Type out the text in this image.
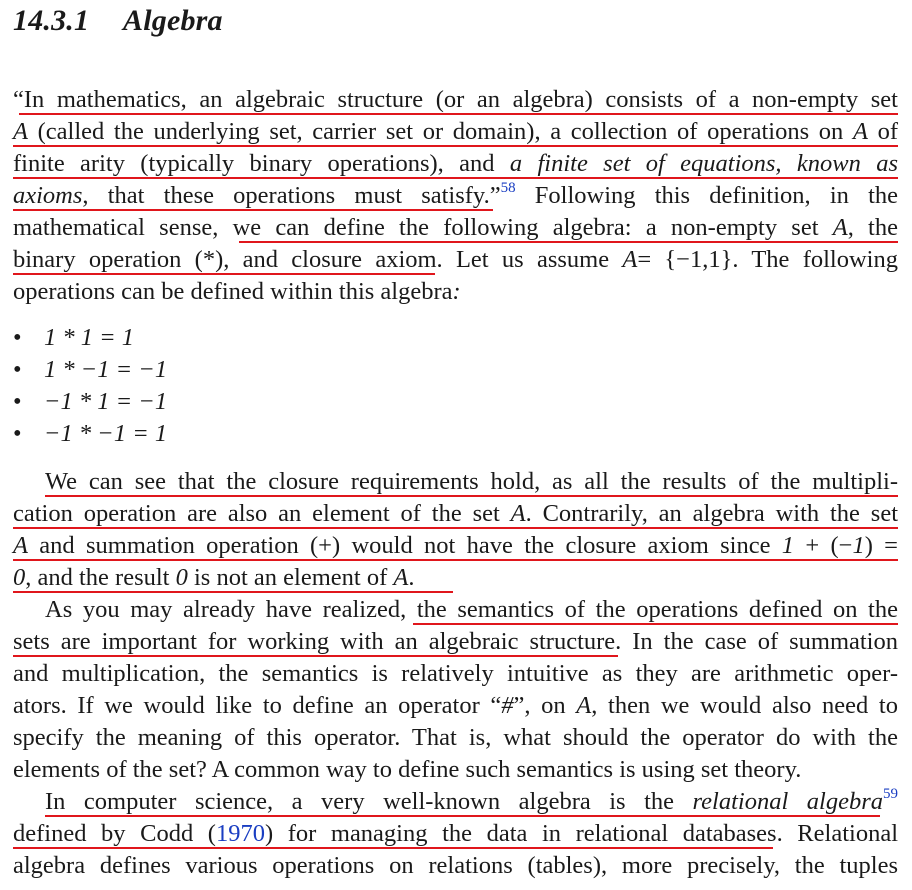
14.3.1 Algebra
“In mathematics, an algebraic structure (or an algebra) consists of a non-empty set
A (called the underlying set, carrier set or domain), a collection of operations on A of
finite arity (typically binary operations), and a finite set of equations, known as
axioms, that these operations must satisfy.”$^{58}$ Following this definition, in the
mathematical sense, we can define the following algebra: a non-empty set A, the
binary operation (*), and closure axiom. Let us assume A= {−1,1}. The following
operations can be defined within this algebra:
• 1 * 1 = 1
• 1 * −1 = −1
• −1 * 1 = −1
• −1 * −1 = 1
We can see that the closure requirements hold, as all the results of the multipli-
cation operation are also an element of the set A. Contrarily, an algebra with the set
A and summation operation (+) would not have the closure axiom since 1 + (−1) =
0, and the result 0 is not an element of A.
As you may already have realized, the semantics of the operations defined on the
sets are important for working with an algebraic structure. In the case of summation
and multiplication, the semantics is relatively intuitive as they are arithmetic oper-
ators. If we would like to define an operator “#”, on A, then we would also need to
specify the meaning of this operator. That is, what should the operator do with the
elements of the set? A common way to define such semantics is using set theory.
In computer science, a very well-known algebra is the relational algebra$^{59}$
defined by Codd (1970) for managing the data in relational databases. Relational
algebra defines various operations on relations (tables), more precisely, the tuples
